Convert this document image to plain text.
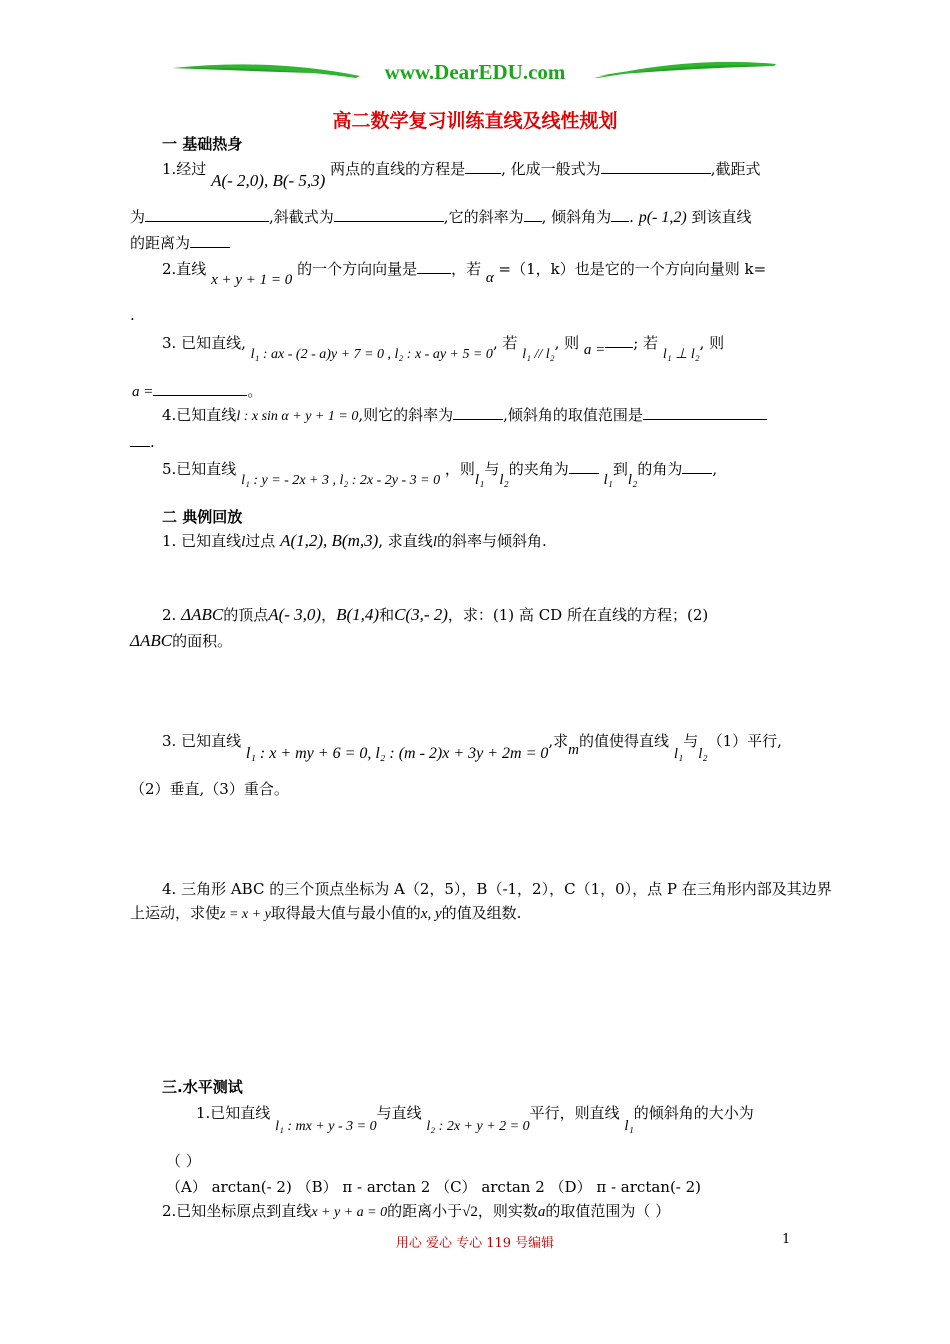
www.DearEDU.com
高二数学复习训练直线及线性规划
一 基础热身
1.经过 A(- 2,0), B(- 5,3) 两点的直线的方程是 , 化成一般式为	,截距式
为	,斜截式为	,它的斜率为 , 倾斜角为 . p(- 1,2) 到该直线
的距离为
2.直线 x + y + 1 = 0 的一个方向向量是 ，若 α =（1，k）也是它的一个方向向量则 k=
.
3. 已知直线, l₁ : ax - (2 - a)y + 7 = 0 , l₂ : x - ay + 5 = 0, 若 l₁ // l₂, 则 a = ; 若 l₁ ⊥ l₂, 则
a =	。
4.已知直线l : x sin α + y + 1 = 0,则它的斜率为	,倾斜角的取值范围是
.
5.已知直线 l₁ : y = - 2x + 3 , l₂ : 2x - 2y - 3 = 0 ，则l₁与l₂的夹角为 l₁到l₂的角为 ,
二 典例回放
1. 已知直线l过点 A(1,2), B(m,3), 求直线l的斜率与倾斜角.
2. ΔABC的顶点A(- 3,0)，B(1,4)和C(3,- 2)，求：(1) 高 CD 所在直线的方程；(2)
ΔABC的面积。
3. 已知直线 l₁ : x + my + 6 = 0, l₂ : (m - 2)x + 3y + 2m = 0,求m的值使得直线 l₁与l₂（1）平行,
（2）垂直,（3）重合。
4. 三角形 ABC 的三个顶点坐标为 A（2，5），B（-1，2），C（1，0），点 P 在三角形内部及其边界
上运动，求使z = x + y取得最大值与最小值的x, y的值及组数.
三.水平测试
1.已知直线 l₁ : mx + y - 3 = 0与直线 l₂ : 2x + y + 2 = 0平行，则直线 l₁的倾斜角的大小为
（ ）
（A） arctan(- 2) （B） π - arctan 2 （C） arctan 2 （D） π - arctan(- 2)
2.已知坐标原点到直线x + y + a = 0的距离小于√2，则实数a的取值范围为（ ）
用心 爱心 专心 119 号编辑	1
